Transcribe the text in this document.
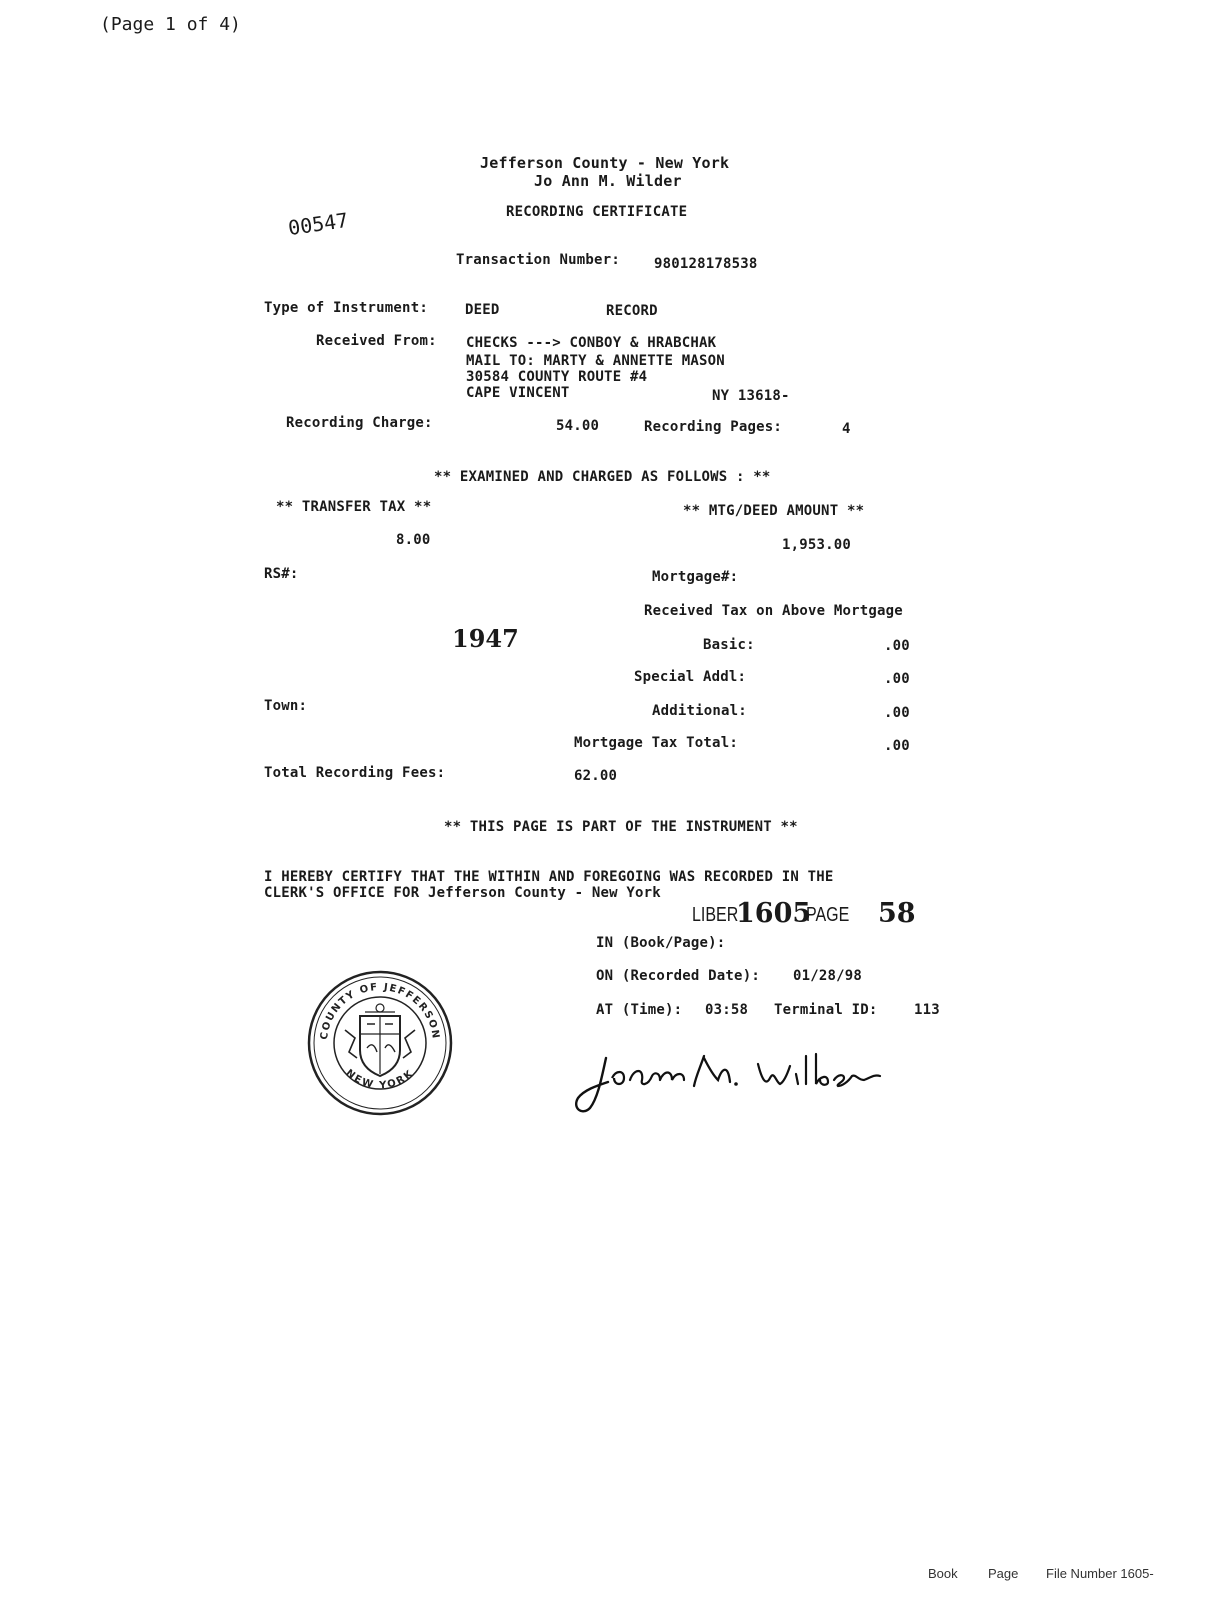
(Page 1 of 4)
Jefferson County - New York
Jo Ann M. Wilder
RECORDING CERTIFICATE
00547
Transaction Number: 980128178538
Type of Instrument:	DEED	RECORD
Received From: CHECKS ---> CONBOY & HRABCHAK
MAIL TO: MARTY & ANNETTE MASON
30584 COUNTY ROUTE #4
CAPE VINCENT	NY 13618-
Recording Charge:	54.00	Recording Pages:	4
** EXAMINED AND CHARGED AS FOLLOWS : **
** TRANSFER TAX **	** MTG/DEED AMOUNT **
8.00	1,953.00
RS#:	Mortgage#:
Received Tax on Above Mortgage
1947	Basic:	.00
Special Addl:	.00
Town:	Additional:	.00
Mortgage Tax Total:	.00
Total Recording Fees:	62.00
** THIS PAGE IS PART OF THE INSTRUMENT **
I HEREBY CERTIFY THAT THE WITHIN AND FOREGOING WAS RECORDED IN THE
CLERK'S OFFICE FOR Jefferson County - New York
LIBER
1605
PAGE 58
IN (Book/Page):
ON (Recorded Date): 01/28/98
AT (Time): 03:58 Terminal ID:	113
COUNTY OF JEFFERSON
NEW YORK
JoAnn M. Wilder
Book Page File Number 1605-
